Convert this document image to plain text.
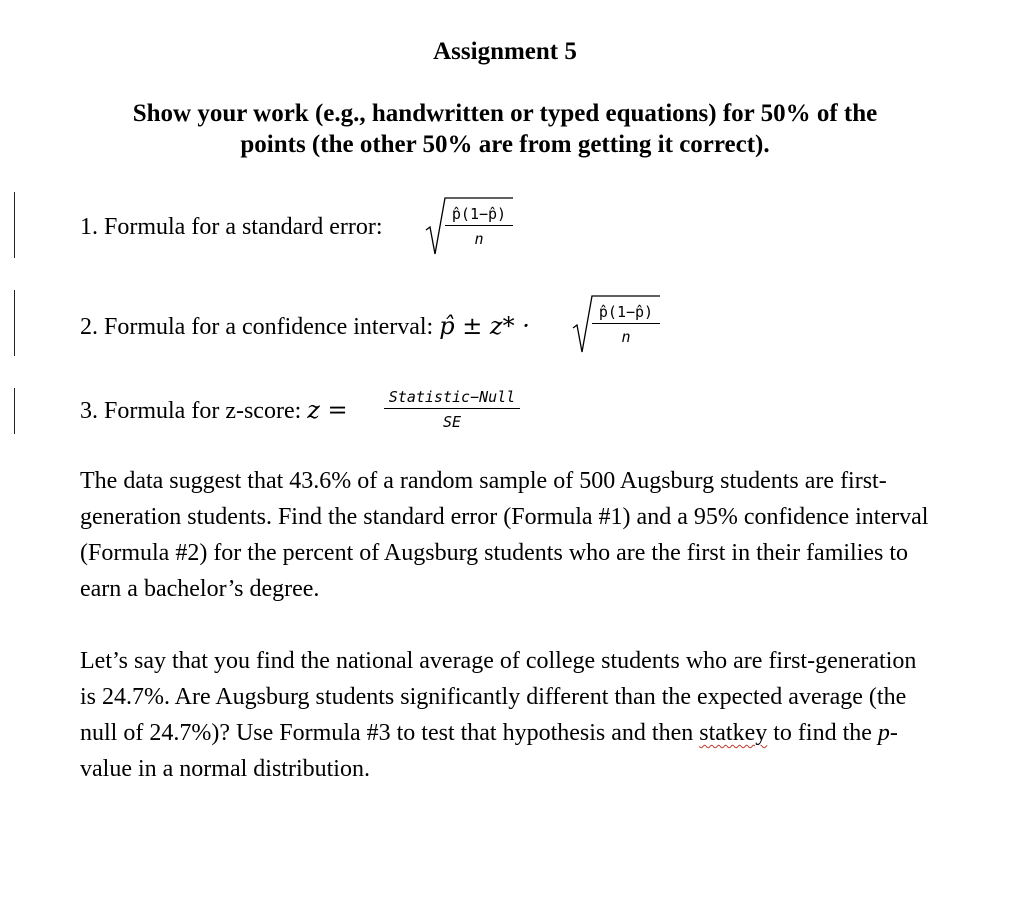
Assignment 5
Show your work (e.g., handwritten or typed equations) for 50% of the
points (the other 50% are from getting it correct).
1. Formula for a standard error:	p̂(1−p̂)
n
2. Formula for a confidence interval: p̂ ± z* ·	p̂(1−p̂)
n
3. Formula for z-score: z =	Statistic−Null
SE
The data suggest that 43.6% of a random sample of 500 Augsburg students are first-generation students. Find the standard error (Formula #1) and a 95% confidence interval (Formula #2) for the percent of Augsburg students who are the first in their families to earn a bachelor’s degree.
Let’s say that you find the national average of college students who are first-generation is 24.7%. Are Augsburg students significantly different than the expected average (the null of 24.7%)? Use Formula #3 to test that hypothesis and then statkey to find the p-value in a normal distribution.
